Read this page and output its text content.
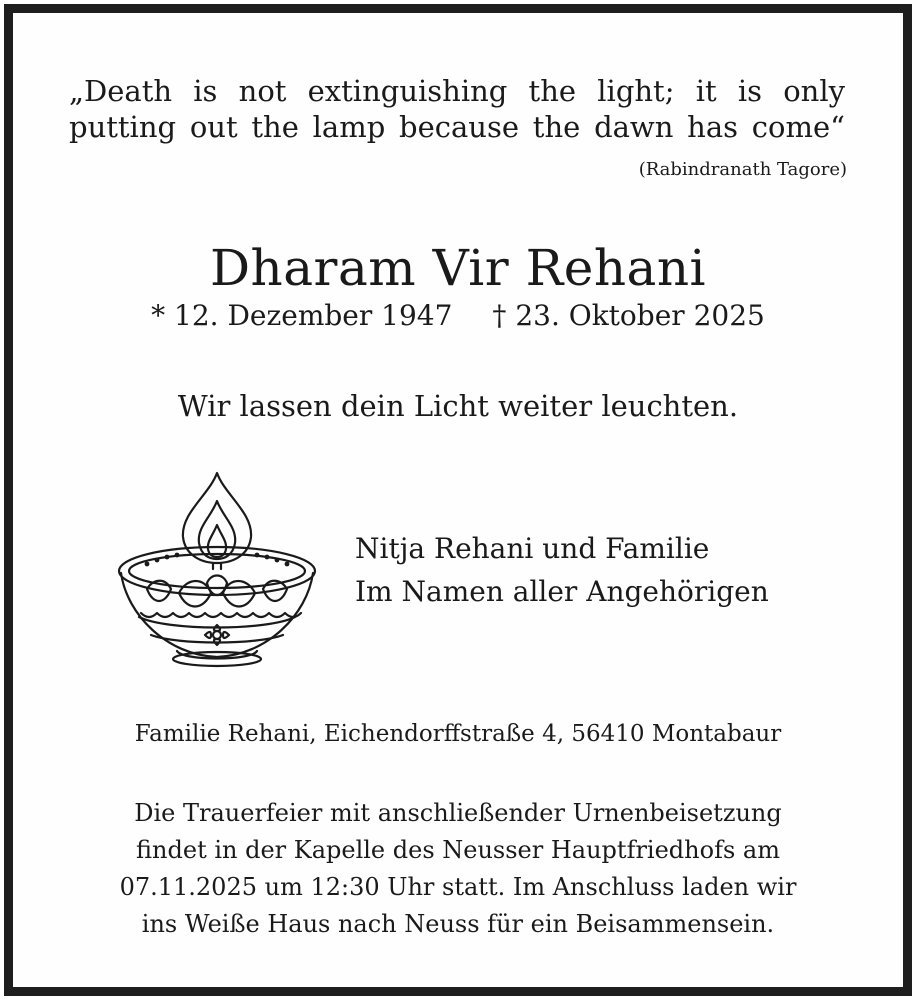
„Death is not extinguishing the light; it is only
putting out the lamp because the dawn has come“
(Rabindranath Tagore)
Dharam Vir Rehani
* 12. Dezember 1947 † 23. Oktober 2025
Wir lassen dein Licht weiter leuchten.
Nitja Rehani und Familie
Im Namen aller Angehörigen
Familie Rehani, Eichendorffstraße 4, 56410 Montabaur
Die Trauerfeier mit anschließender Urnenbeisetzung
findet in der Kapelle des Neusser Hauptfriedhofs am
07.11.2025 um 12:30 Uhr statt. Im Anschluss laden wir
ins Weiße Haus nach Neuss für ein Beisammensein.
